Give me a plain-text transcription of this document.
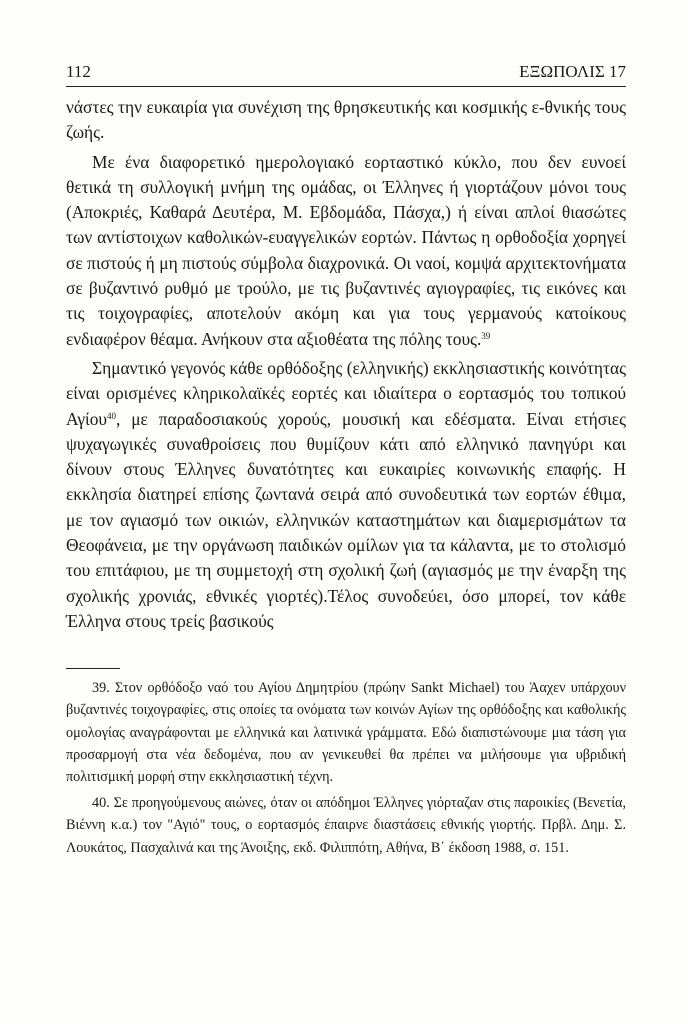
112	ΕΞΩΠΟΛΙΣ 17

νάστες την ευκαιρία για συνέχιση της θρησκευτικής και κοσμικής ε-θνικής τους ζωής.

Με ένα διαφορετικό ημερολογιακό εορταστικό κύκλο, που δεν ευνοεί θετικά τη συλλογική μνήμη της ομάδας, οι Έλληνες ή γιορτάζουν μόνοι τους (Αποκριές, Καθαρά Δευτέρα, Μ. Εβδομάδα, Πάσχα,) ή είναι απλοί θιασώτες των αντίστοιχων καθολικών-ευαγγελικών εορτών. Πάντως η ορθοδοξία χορηγεί σε πιστούς ή μη πιστούς σύμβολα διαχρονικά. Οι ναοί, κομψά αρχιτεκτονήματα σε βυζαντινό ρυθμό με τρούλο, με τις βυζαντινές αγιογραφίες, τις εικόνες και τις τοιχογραφίες, αποτελούν ακόμη και για τους γερμανούς κατοίκους ενδιαφέρον θέαμα. Ανήκουν στα αξιοθέατα της πόλης τους.$^{39}$

Σημαντικό γεγονός κάθε ορθόδοξης (ελληνικής) εκκλησιαστικής κοινότητας είναι ορισμένες κληρικολαϊκές εορτές και ιδιαίτερα ο εορτασμός του τοπικού Αγίου$^{40}$, με παραδοσιακούς χορούς, μουσική και εδέσματα. Είναι ετήσιες ψυχαγωγικές συναθροίσεις που θυμίζουν κάτι από ελληνικό πανηγύρι και δίνουν στους Έλληνες δυνατότητες και ευκαιρίες κοινωνικής επαφής. Η εκκλησία διατηρεί επίσης ζωντανά σειρά από συνοδευτικά των εορτών έθιμα, με τον αγιασμό των οικιών, ελληνικών καταστημάτων και διαμερισμάτων τα Θεοφάνεια, με την οργάνωση παιδικών ομίλων για τα κάλαντα, με το στολισμό του επιτάφιου, με τη συμμετοχή στη σχολική ζωή (αγιασμός με την έναρξη της σχολικής χρονιάς, εθνικές γιορτές).Τέλος συνοδεύει, όσο μπορεί, τον κάθε Έλληνα στους τρείς βασικούς

39. Στον ορθόδοξο ναό του Αγίου Δημητρίου (πρώην Sankt Michael) του Άαχεν υπάρχουν βυζαντινές τοιχογραφίες, στις οποίες τα ονόματα των κοινών Αγίων της ορθόδοξης και καθολικής ομολογίας αναγράφονται με ελληνικά και λατινικά γράμματα. Εδώ διαπιστώνουμε μια τάση για προσαρμογή στα νέα δεδομένα, που αν γενικευθεί θα πρέπει να μιλήσουμε για υβριδική πολιτισμική μορφή στην εκκλησιαστική τέχνη.

40. Σε προηγούμενους αιώνες, όταν οι απόδημοι Έλληνες γιόρταζαν στις παροικίες (Βενετία, Βιέννη κ.α.) τον "Αγιό" τους, ο εορτασμός έπαιρνε διαστάσεις εθνικής γιορτής. Πρβλ. Δημ. Σ. Λουκάτος, Πασχαλινά και της Άνοιξης, εκδ. Φιλιππότη, Αθήνα, Β΄ έκδοση 1988, σ. 151.
